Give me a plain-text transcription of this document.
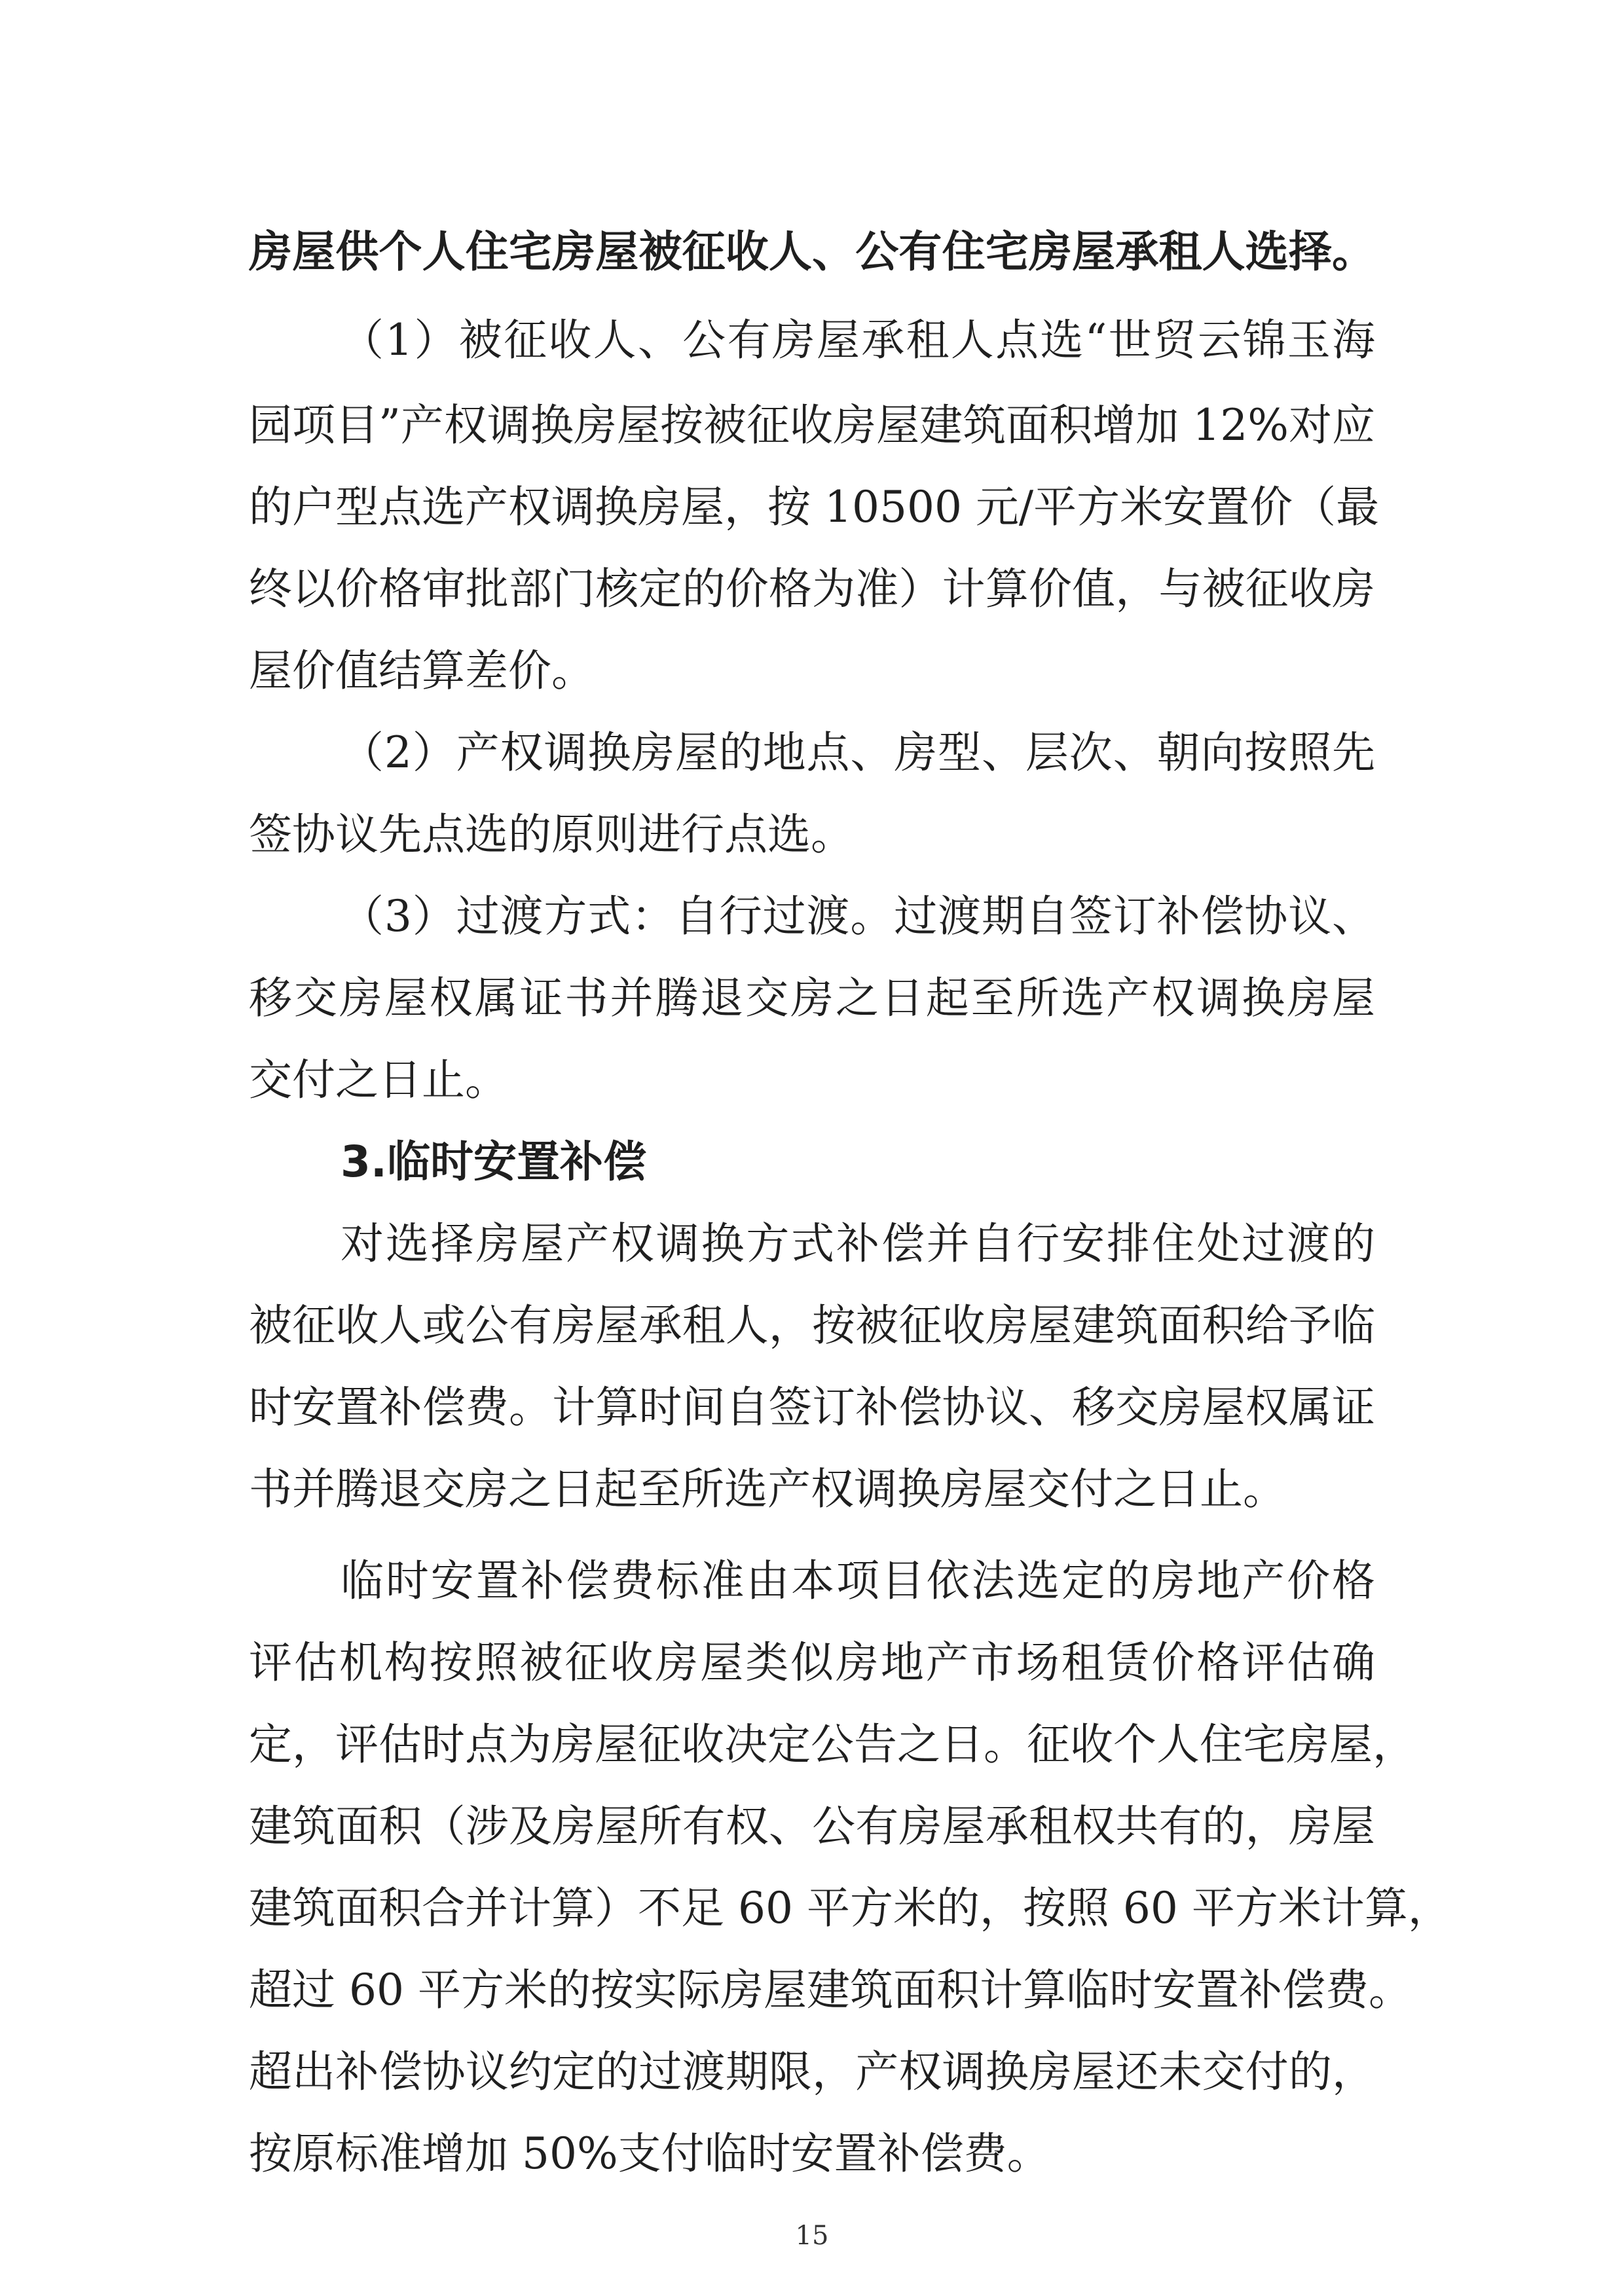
房屋供个人住宅房屋被征收人、公有住宅房屋承租人选择。
（1）被征收人、公有房屋承租人点选“世贸云锦玉海
园项目”产权调换房屋按被征收房屋建筑面积增加 12%对应
的户型点选产权调换房屋，按 10500 元/平方米安置价（最
终以价格审批部门核定的价格为准）计算价值，与被征收房
屋价值结算差价。
（2）产权调换房屋的地点、房型、层次、朝向按照先
签协议先点选的原则进行点选。
（3）过渡方式：自行过渡。过渡期自签订补偿协议、
移交房屋权属证书并腾退交房之日起至所选产权调换房屋
交付之日止。
3.临时安置补偿
对选择房屋产权调换方式补偿并自行安排住处过渡的
被征收人或公有房屋承租人，按被征收房屋建筑面积给予临
时安置补偿费。计算时间自签订补偿协议、移交房屋权属证
书并腾退交房之日起至所选产权调换房屋交付之日止。
临时安置补偿费标准由本项目依法选定的房地产价格
评估机构按照被征收房屋类似房地产市场租赁价格评估确
定，评估时点为房屋征收决定公告之日。征收个人住宅房屋，
建筑面积（涉及房屋所有权、公有房屋承租权共有的，房屋
建筑面积合并计算）不足 60 平方米的，按照 60 平方米计算，
超过 60 平方米的按实际房屋建筑面积计算临时安置补偿费。
超出补偿协议约定的过渡期限，产权调换房屋还未交付的，
按原标准增加 50%支付临时安置补偿费。
15
